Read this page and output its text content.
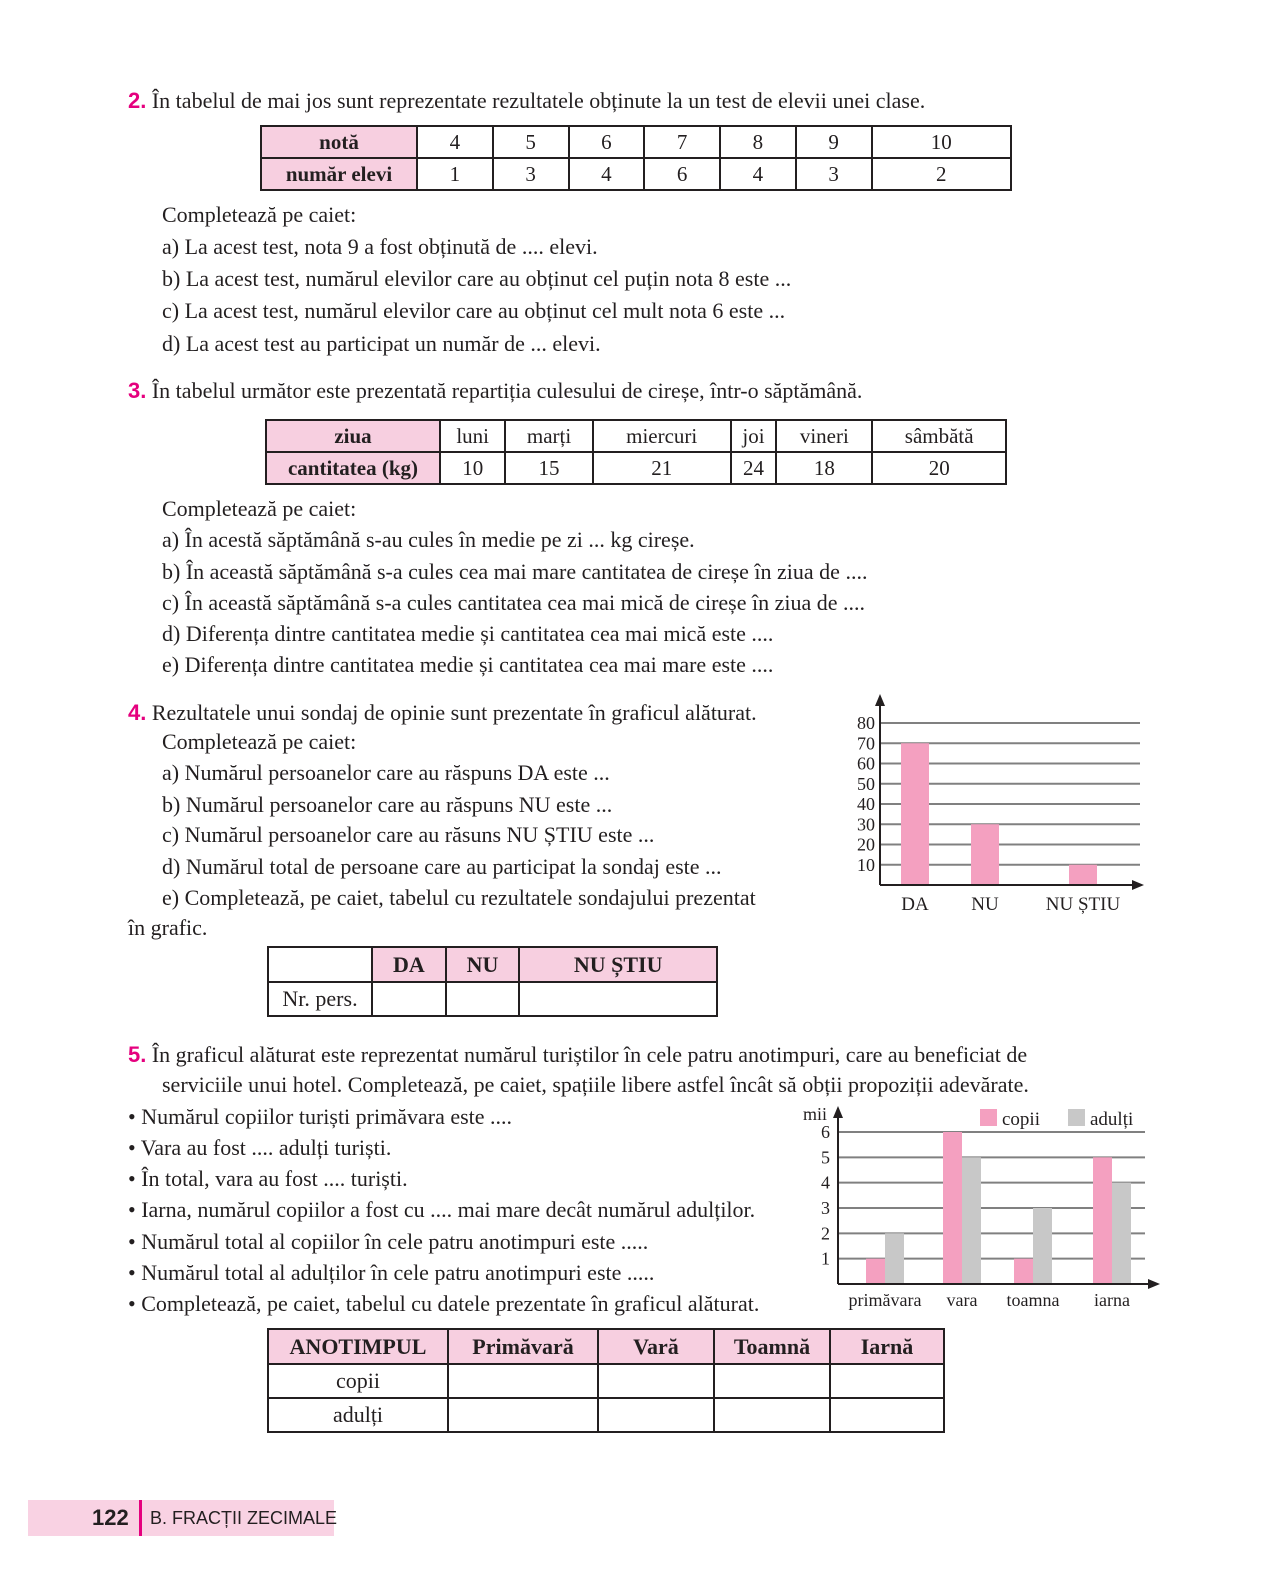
2. În tabelul de mai jos sunt reprezentate rezultatele obținute la un test de elevii unei clase.
notă	4	5	6	7	8	9	10
număr elevi	1	3	4	6	4	3	2
Completează pe caiet:
a) La acest test, nota 9 a fost obținută de .... elevi.
b) La acest test, numărul elevilor care au obținut cel puțin nota 8 este ...
c) La acest test, numărul elevilor care au obținut cel mult nota 6 este ...
d) La acest test au participat un număr de ... elevi.
3. În tabelul următor este prezentată repartiția culesului de cireșe, într-o săptămână.
ziua	luni	marți	miercuri	joi	vineri	sâmbătă
cantitatea (kg)	10	15	21	24	18	20
Completează pe caiet:
a) În acestă săptămână s-au cules în medie pe zi ... kg cireșe.
b) În această săptămână s-a cules cea mai mare cantitatea de cireșe în ziua de ....
c) În această săptămână s-a cules cantitatea cea mai mică de cireșe în ziua de ....
d) Diferența dintre cantitatea medie și cantitatea cea mai mică este ....
e) Diferența dintre cantitatea medie și cantitatea cea mai mare este ....
4. Rezultatele unui sondaj de opinie sunt prezentate în graficul alăturat.
Completează pe caiet:
a) Numărul persoanelor care au răspuns DA este ...
b) Numărul persoanelor care au răspuns NU este ...
c) Numărul persoanelor care au răsuns NU ȘTIU este ...
d) Numărul total de persoane care au participat la sondaj este ...
e) Completează, pe caiet, tabelul cu rezultatele sondajului prezentat
în grafic.
10
20
30
40
50
60
70
80
DA NU NU ȘTIU
	DA	NU	NU ȘTIU
Nr. pers.			
5. În graficul alăturat este reprezentat numărul turiștilor în cele patru anotimpuri, care au beneficiat de
serviciile unui hotel. Completează, pe caiet, spațiile libere astfel încât să obții propoziții adevărate.
• Numărul copiilor turiști primăvara este ....
• Vara au fost .... adulți turiști.
• În total, vara au fost .... turiști.
• Iarna, numărul copiilor a fost cu .... mai mare decât numărul adulților.
• Numărul total al copiilor în cele patru anotimpuri este .....
• Numărul total al adulților în cele patru anotimpuri este .....
• Completează, pe caiet, tabelul cu datele prezentate în graficul alăturat.
1
2
3
4
5
6
primăvara vara toamna iarna
mii	copii	adulți
ANOTIMPUL	Primăvară	Vară	Toamnă	Iarnă
copii				
adulți				
122 B. FRACȚII ZECIMALE
